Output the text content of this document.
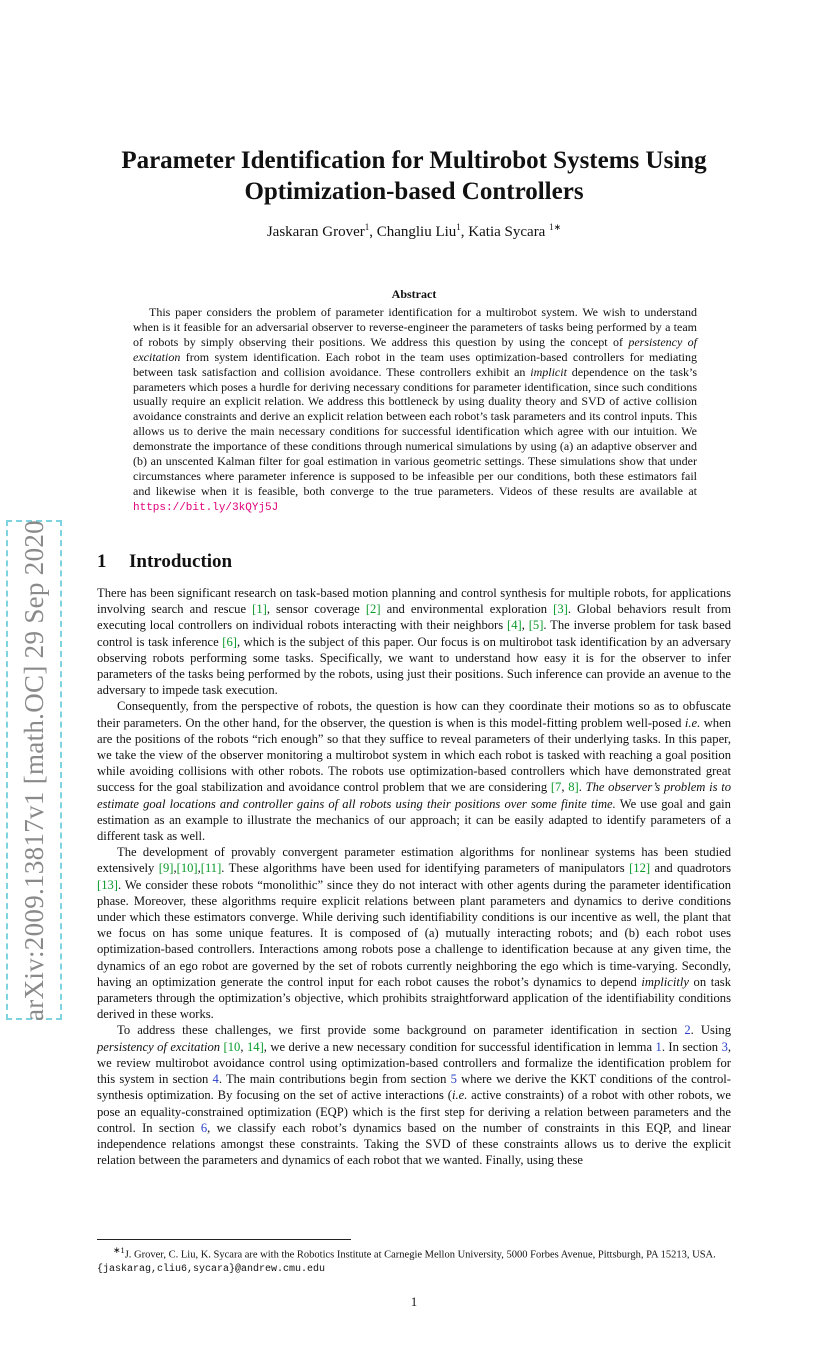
arXiv:2009.13817v1 [math.OC] 29 Sep 2020
Parameter Identification for Multirobot Systems Using
Optimization-based Controllers
Jaskaran Grover$^1$, Changliu Liu$^1$, Katia Sycara $^{1∗}$
Abstract

This paper considers the problem of parameter identification for a multirobot system. We wish to understand when is it feasible for an adversarial observer to reverse-engineer the parameters of tasks being performed by a team of robots by simply observing their positions. We address this question by using the concept of persistency of excitation from system identification. Each robot in the team uses optimization-based controllers for mediating between task satisfaction and collision avoidance. These controllers exhibit an implicit dependence on the task’s parameters which poses a hurdle for deriving necessary conditions for parameter identification, since such conditions usually require an explicit relation. We address this bottleneck by using duality theory and SVD of active collision avoidance constraints and derive an explicit relation between each robot’s task parameters and its control inputs. This allows us to derive the main necessary conditions for successful identification which agree with our intuition. We demonstrate the importance of these conditions through numerical simulations by using (a) an adaptive observer and (b) an unscented Kalman filter for goal estimation in various geometric settings. These simulations show that under circumstances where parameter inference is supposed to be infeasible per our conditions, both these estimators fail and likewise when it is feasible, both converge to the true parameters. Videos of these results are available at https://bit.ly/3kQYj5J

1 Introduction

There has been significant research on task-based motion planning and control synthesis for multiple robots, for applications involving search and rescue [1], sensor coverage [2] and environmental exploration [3]. Global behaviors result from executing local controllers on individual robots interacting with their neighbors [4], [5]. The inverse problem for task based control is task inference [6], which is the subject of this paper. Our focus is on multirobot task identification by an adversary observing robots performing some tasks. Specifically, we want to understand how easy it is for the observer to infer parameters of the tasks being performed by the robots, using just their positions. Such inference can provide an avenue to the adversary to impede task execution.

Consequently, from the perspective of robots, the question is how can they coordinate their motions so as to obfuscate their parameters. On the other hand, for the observer, the question is when is this model-fitting problem well-posed i.e. when are the positions of the robots “rich enough” so that they suffice to reveal parameters of their underlying tasks. In this paper, we take the view of the observer monitoring a multirobot system in which each robot is tasked with reaching a goal position while avoiding collisions with other robots. The robots use optimization-based controllers which have demonstrated great success for the goal stabilization and avoidance control problem that we are considering [7, 8]. The observer’s problem is to estimate goal locations and controller gains of all robots using their positions over some finite time. We use goal and gain estimation as an example to illustrate the mechanics of our approach; it can be easily adapted to identify parameters of a different task as well.

The development of provably convergent parameter estimation algorithms for nonlinear systems has been studied extensively [9],[10],[11]. These algorithms have been used for identifying parameters of manipulators [12] and quadrotors [13]. We consider these robots “monolithic” since they do not interact with other agents during the parameter identification phase. Moreover, these algorithms require explicit relations between plant parameters and dynamics to derive conditions under which these estimators converge. While deriving such identifiability conditions is our incentive as well, the plant that we focus on has some unique features. It is composed of (a) mutually interacting robots; and (b) each robot uses optimization-based controllers. Interactions among robots pose a challenge to identification because at any given time, the dynamics of an ego robot are governed by the set of robots currently neighboring the ego which is time-varying. Secondly, having an optimization generate the control input for each robot causes the robot’s dynamics to depend implicitly on task parameters through the optimization’s objective, which prohibits straightforward application of the identifiability conditions derived in these works.

To address these challenges, we first provide some background on parameter identification in section 2. Using persistency of excitation [10, 14], we derive a new necessary condition for successful identification in lemma 1. In section 3, we review multirobot avoidance control using optimization-based controllers and formalize the identification problem for this system in section 4. The main contributions begin from section 5 where we derive the KKT conditions of the control-synthesis optimization. By focusing on the set of active interactions (i.e. active constraints) of a robot with other robots, we pose an equality-constrained optimization (EQP) which is the first step for deriving a relation between parameters and the control. In section 6, we classify each robot’s dynamics based on the number of constraints in this EQP, and linear independence relations amongst these constraints. Taking the SVD of these constraints allows us to derive the explicit relation between the parameters and dynamics of each robot that we wanted. Finally, using these

$^{∗1}$J. Grover, C. Liu, K. Sycara are with the Robotics Institute at Carnegie Mellon University, 5000 Forbes Avenue, Pittsburgh, PA 15213, USA. {jaskarag,cliu6,sycara}@andrew.cmu.edu
1
